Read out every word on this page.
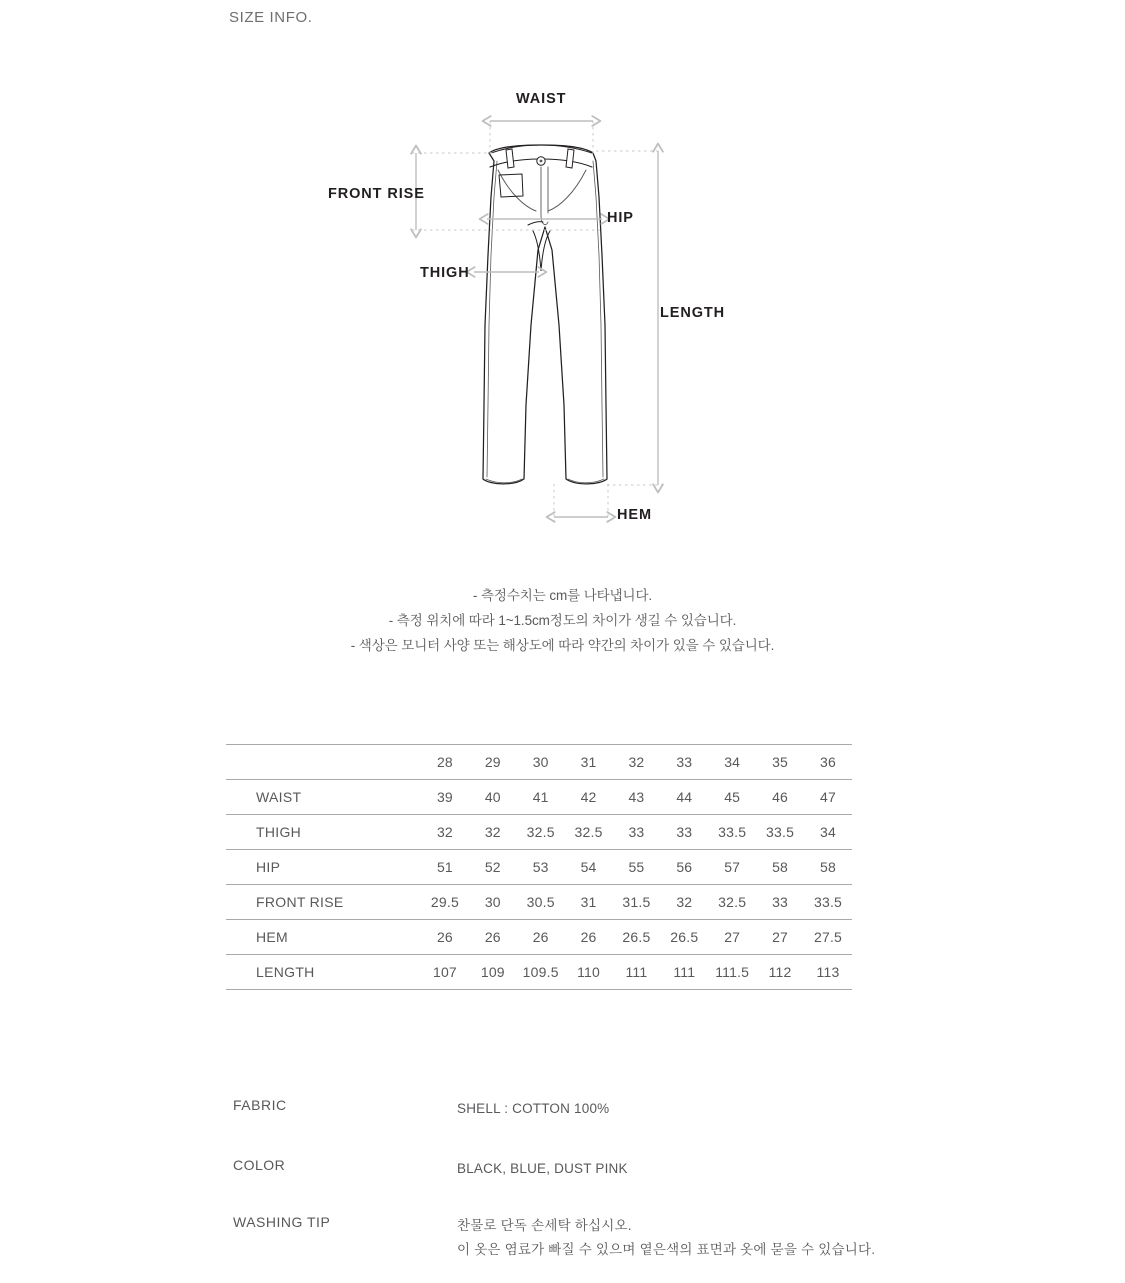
SIZE INFO.
WAIST
FRONT RISE
HIP
THIGH
LENGTH
HEM
- 측정수치는 cm를 나타냅니다.
- 측정 위치에 따라 1~1.5cm정도의 차이가 생길 수 있습니다.
- 색상은 모니터 사양 또는 해상도에 따라 약간의 차이가 있을 수 있습니다.
	28	29	30	31	32	33	34	35	36
WAIST	39	40	41	42	43	44	45	46	47
THIGH	32	32	32.5	32.5	33	33	33.5	33.5	34
HIP	51	52	53	54	55	56	57	58	58
FRONT RISE	29.5	30	30.5	31	31.5	32	32.5	33	33.5
HEM	26	26	26	26	26.5	26.5	27	27	27.5
LENGTH	107	109	109.5	110	111	111	111.5	112	113
FABRIC	SHELL : COTTON 100%
COLOR	BLACK, BLUE, DUST PINK
WASHING TIP	찬물로 단독 손세탁 하십시오.
이 옷은 염료가 빠질 수 있으며 옅은색의 표면과 옷에 묻을 수 있습니다.
